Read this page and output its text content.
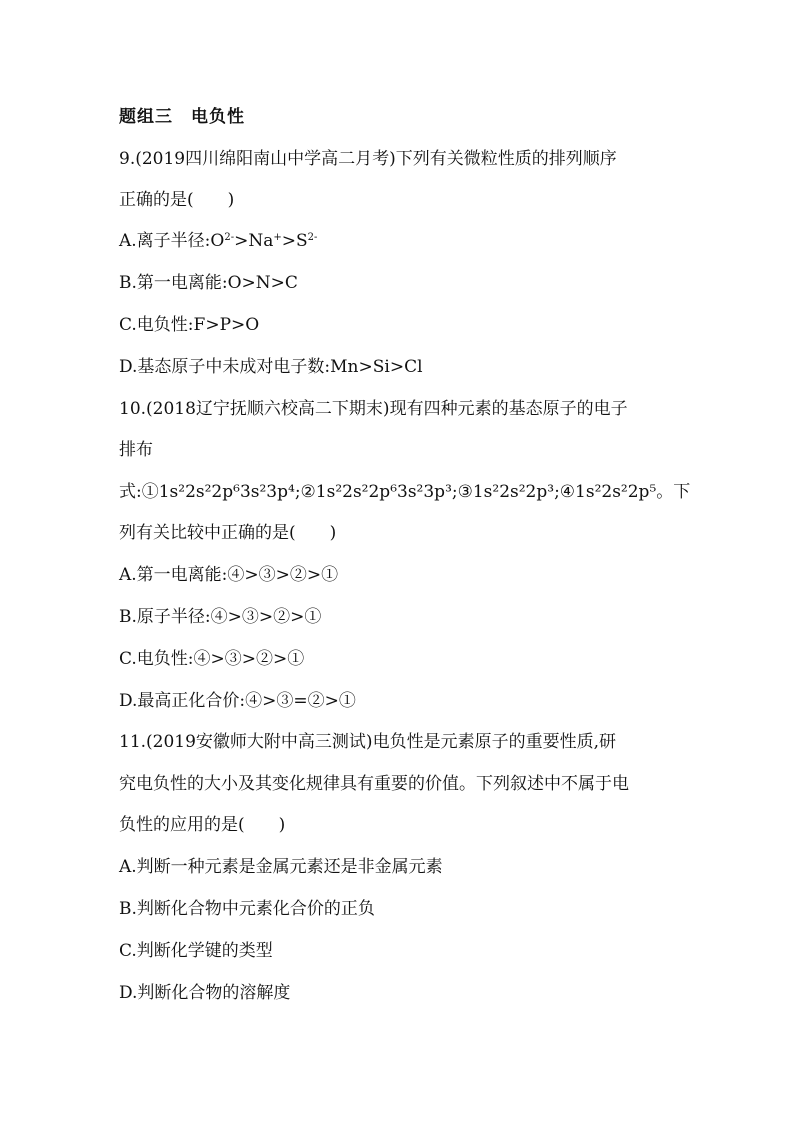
题组三　电负性
9.(2019四川绵阳南山中学高二月考)下列有关微粒性质的排列顺序
正确的是(　　)
A.离子半径$:O^{2-}>Na^+>S^{2-}$
B.第一电离能:O>N>C
C.电负性:F>P>O
D.基态原子中未成对电子数:Mn>Si>Cl
10.(2018辽宁抚顺六校高二下期末)现有四种元素的基态原子的电子
排布
式:①1s²2s²2p⁶3s²3p⁴;②1s²2s²2p⁶3s²3p³;③1s²2s²2p³;④1s²2s²2p⁵。下
列有关比较中正确的是(　　)
A.第一电离能:④>③>②>①
B.原子半径:④>③>②>①
C.电负性:④>③>②>①
D.最高正化合价:④>③=②>①
11.(2019安徽师大附中高三测试)电负性是元素原子的重要性质,研
究电负性的大小及其变化规律具有重要的价值。下列叙述中不属于电
负性的应用的是(　　)
A.判断一种元素是金属元素还是非金属元素
B.判断化合物中元素化合价的正负
C.判断化学键的类型
D.判断化合物的溶解度
